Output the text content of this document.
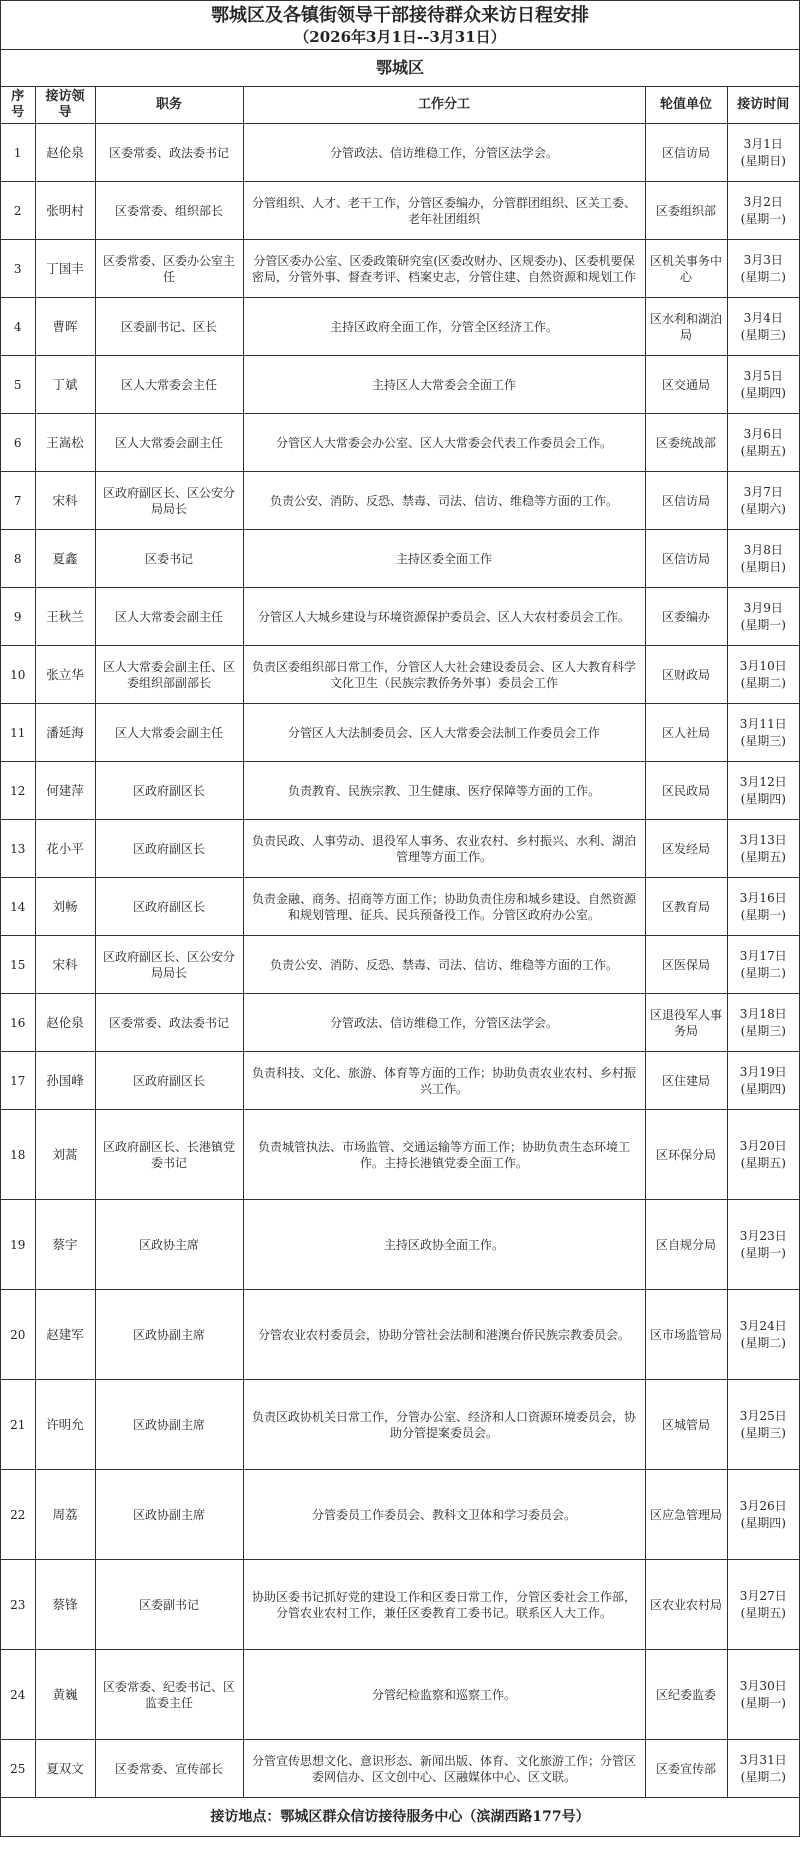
鄂城区及各镇街领导干部接待群众来访日程安排
（2026年3月1日--3月31日）
鄂城区
序号	接访领导	职务	工作分工	轮值单位	接访时间
1	赵伦泉	区委常委、政法委书记	分管政法、信访维稳工作，分管区法学会。	区信访局	3月1日
(星期日)

2	张明村	区委常委、组织部长	分管组织、人才、老干工作，分管区委编办，分管群团组织、区关工委、老年社团组织	区委组织部	3月2日
(星期一)

3	丁国丰	区委常委、区委办公室主任	分管区委办公室、区委政策研究室(区委改财办、区规委办)、区委机要保密局，分管外事、督查考评、档案史志，分管住建、自然资源和规划工作	区机关事务中心	3月3日
(星期二)

4	曹晖	区委副书记、区长	主持区政府全面工作，分管全区经济工作。	区水利和湖泊局	3月4日
(星期三)

5	丁斌	区人大常委会主任	主持区人大常委会全面工作	区交通局	3月5日
(星期四)

6	王嵩松	区人大常委会副主任	分管区人大常委会办公室、区人大常委会代表工作委员会工作。	区委统战部	3月6日
(星期五)

7	宋科	区政府副区长、区公安分局局长	负责公安、消防、反恐、禁毒、司法、信访、维稳等方面的工作。	区信访局	3月7日
(星期六)

8	夏鑫	区委书记	主持区委全面工作	区信访局	3月8日
(星期日)

9	王秋兰	区人大常委会副主任	分管区人大城乡建设与环境资源保护委员会、区人大农村委员会工作。	区委编办	3月9日
(星期一)

10	张立华	区人大常委会副主任、区委组织部副部长	负责区委组织部日常工作，分管区人大社会建设委员会、区人大教育科学文化卫生（民族宗教侨务外事）委员会工作	区财政局	3月10日
(星期二)

11	潘延海	区人大常委会副主任	分管区人大法制委员会、区人大常委会法制工作委员会工作	区人社局	3月11日
(星期三)

12	何建萍	区政府副区长	负责教育、民族宗教、卫生健康、医疗保障等方面的工作。	区民政局	3月12日
(星期四)

13	花小平	区政府副区长	负责民政、人事劳动、退役军人事务、农业农村、乡村振兴、水利、湖泊管理等方面工作。	区发经局	3月13日
(星期五)

14	刘畅	区政府副区长	负责金融、商务、招商等方面工作；协助负责住房和城乡建设、自然资源和规划管理、征兵、民兵预备役工作。分管区政府办公室。	区教育局	3月16日
(星期一)

15	宋科	区政府副区长、区公安分局局长	负责公安、消防、反恐、禁毒、司法、信访、维稳等方面的工作。	区医保局	3月17日
(星期二)

16	赵伦泉	区委常委、政法委书记	分管政法、信访维稳工作，分管区法学会。	区退役军人事务局	3月18日
(星期三)

17	孙国峰	区政府副区长	负责科技、文化、旅游、体育等方面的工作；协助负责农业农村、乡村振兴工作。	区住建局	3月19日
(星期四)

18	刘蒿	区政府副区长、长港镇党委书记	负责城管执法、市场监管、交通运输等方面工作；协助负责生态环境工作。主持长港镇党委全面工作。	区环保分局	3月20日
(星期五)

19	蔡宇	区政协主席	主持区政协全面工作。	区自规分局	3月23日
(星期一)

20	赵建军	区政协副主席	分管农业农村委员会，协助分管社会法制和港澳台侨民族宗教委员会。	区市场监管局	3月24日
(星期二)

21	许明允	区政协副主席	负责区政协机关日常工作，分管办公室、经济和人口资源环境委员会，协助分管提案委员会。	区城管局	3月25日
(星期三)

22	周荔	区政协副主席	分管委员工作委员会、教科文卫体和学习委员会。	区应急管理局	3月26日
(星期四)

23	蔡锋	区委副书记	协助区委书记抓好党的建设工作和区委日常工作，分管区委社会工作部，分管农业农村工作，兼任区委教育工委书记。联系区人大工作。	区农业农村局	3月27日
(星期五)

24	黄巍	区委常委、纪委书记、区监委主任	分管纪检监察和巡察工作。	区纪委监委	3月30日
(星期一)

25	夏双文	区委常委、宣传部长	分管宣传思想文化、意识形态、新闻出版、体育、文化旅游工作；分管区委网信办、区文创中心、区融媒体中心、区文联。	区委宣传部	3月31日
(星期二)
接访地点：鄂城区群众信访接待服务中心（滨湖西路177号）
